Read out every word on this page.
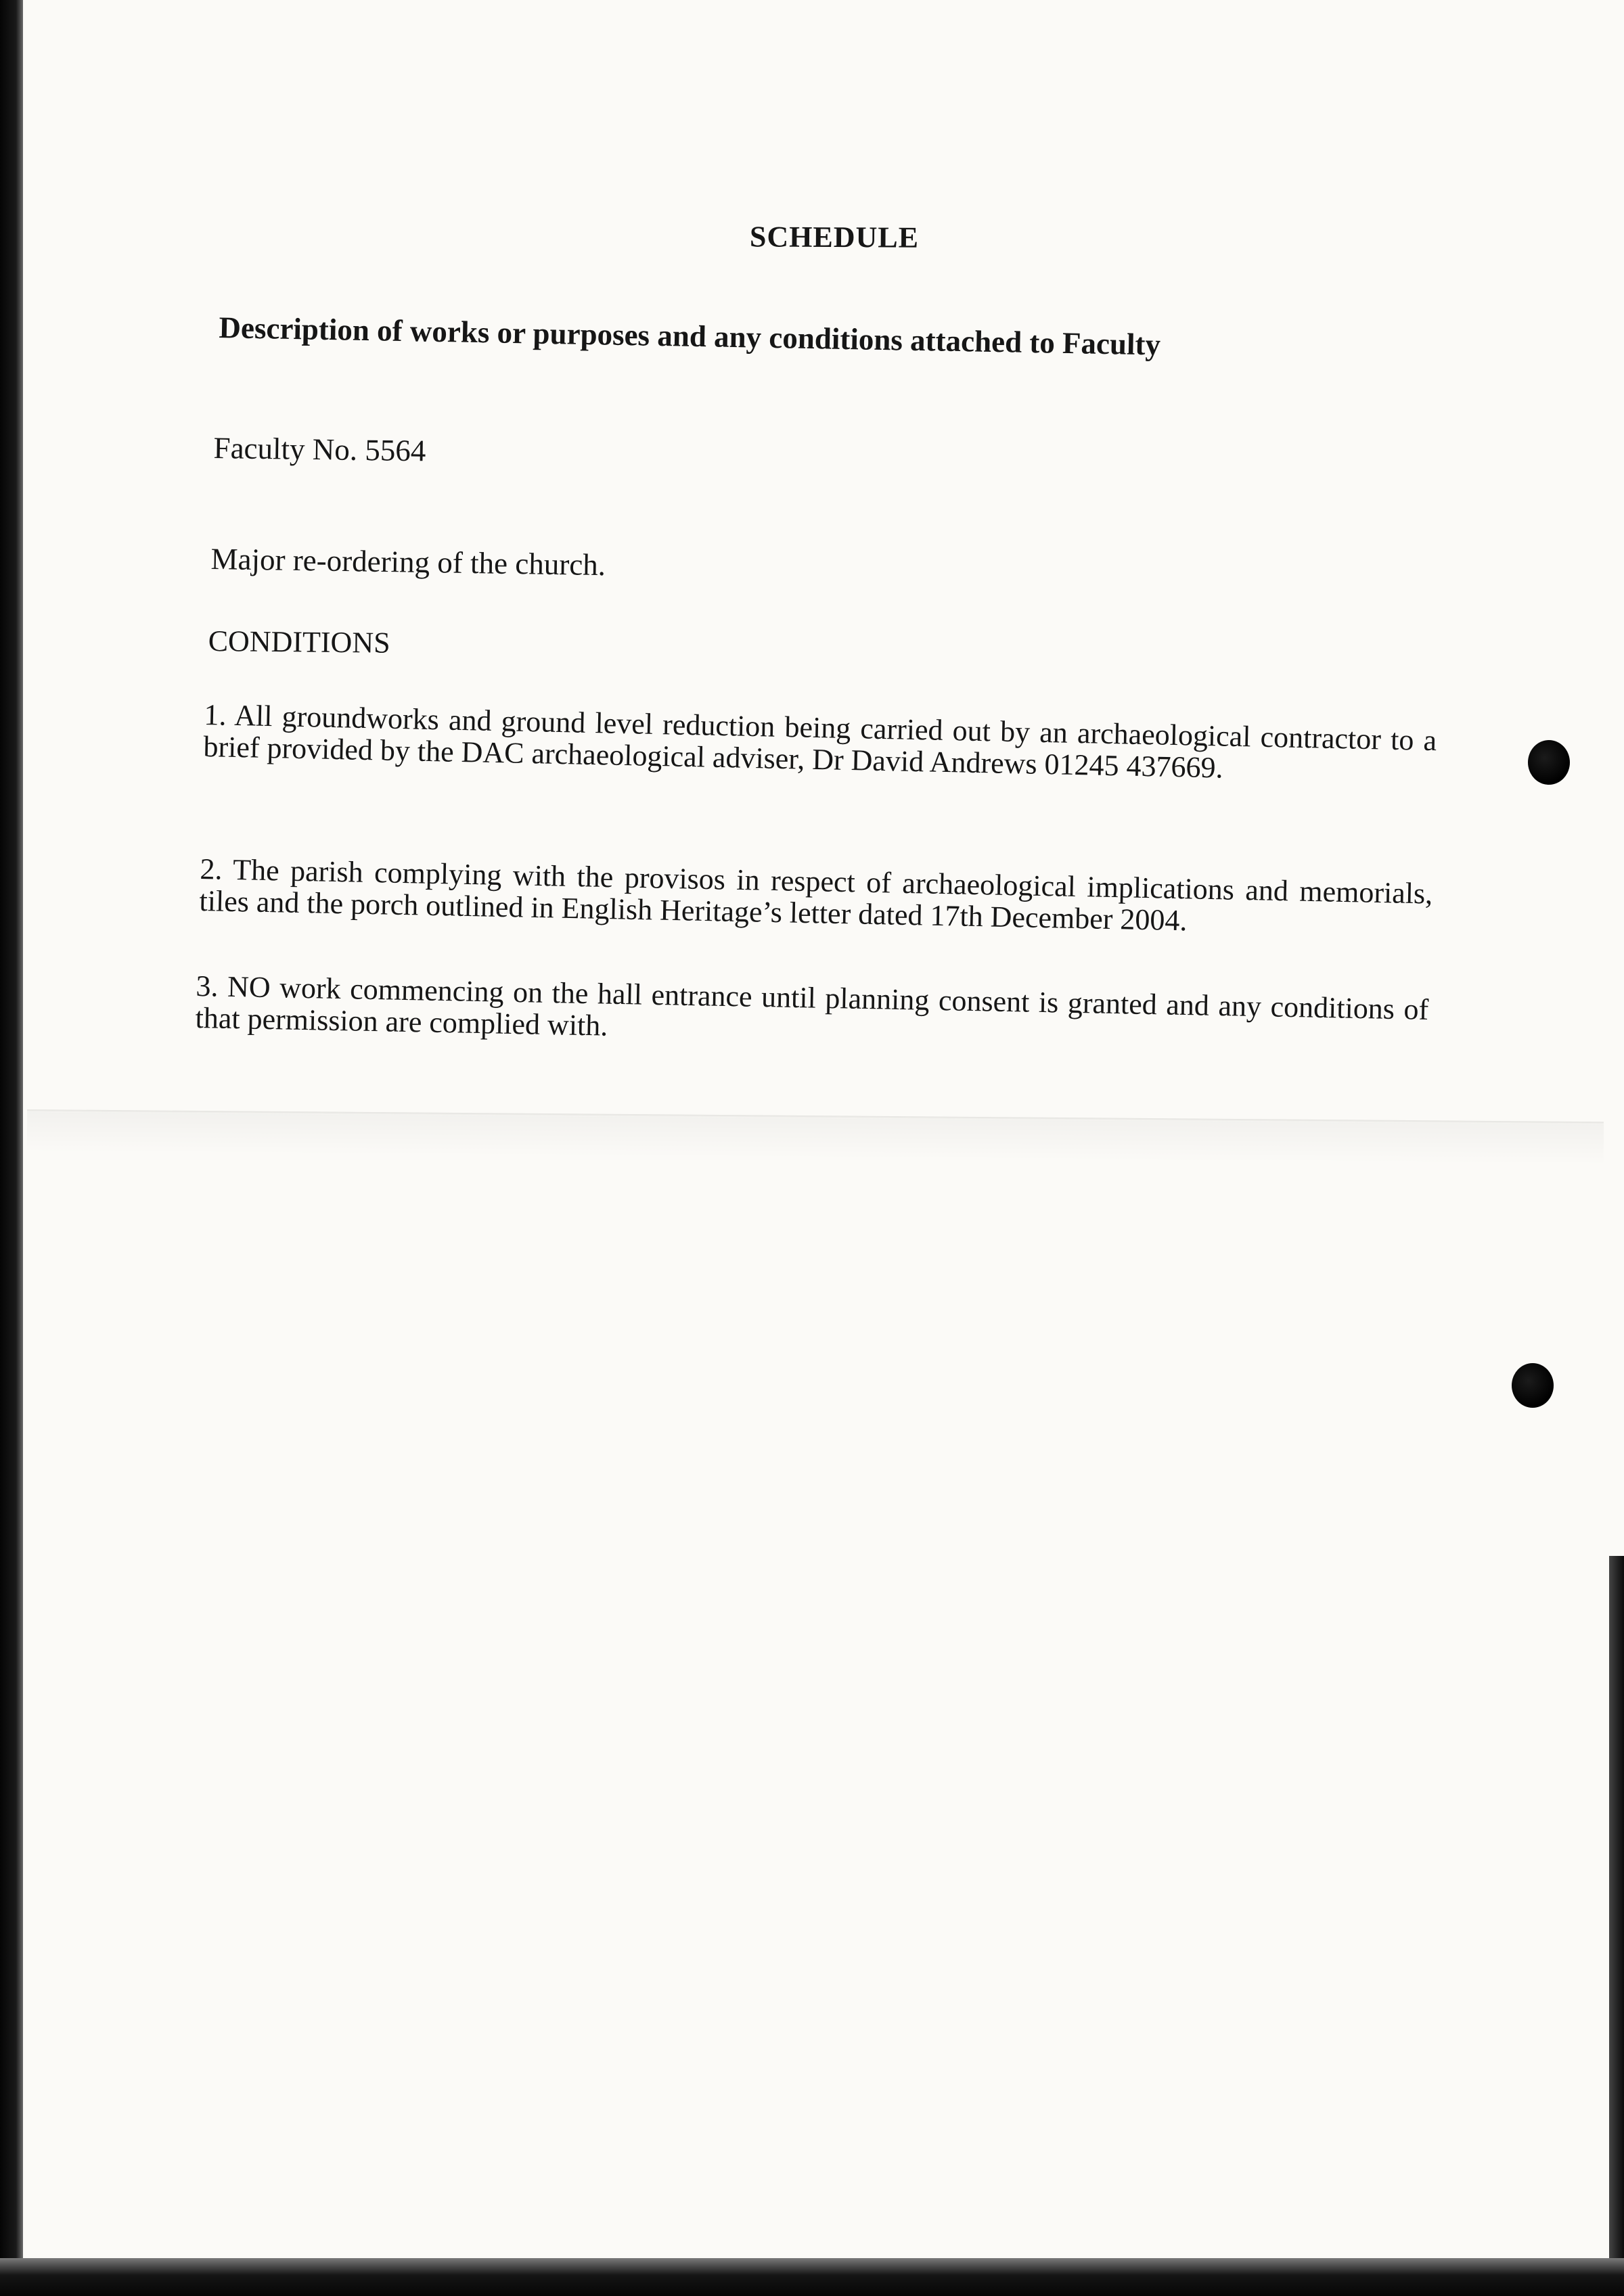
SCHEDULE
Description of works or purposes and any conditions attached to Faculty
Faculty No. 5564
Major re-ordering of the church.
CONDITIONS
1. All groundworks and ground level reduction being carried out by an archaeological contractor to a brief provided by the DAC archaeological adviser, Dr David Andrews 01245 437669.
2. The parish complying with the provisos in respect of archaeological implications and memorials, tiles and the porch outlined in English Heritage’s letter dated 17th December 2004.
3. NO work commencing on the hall entrance until planning consent is granted and any conditions of that permission are complied with.
